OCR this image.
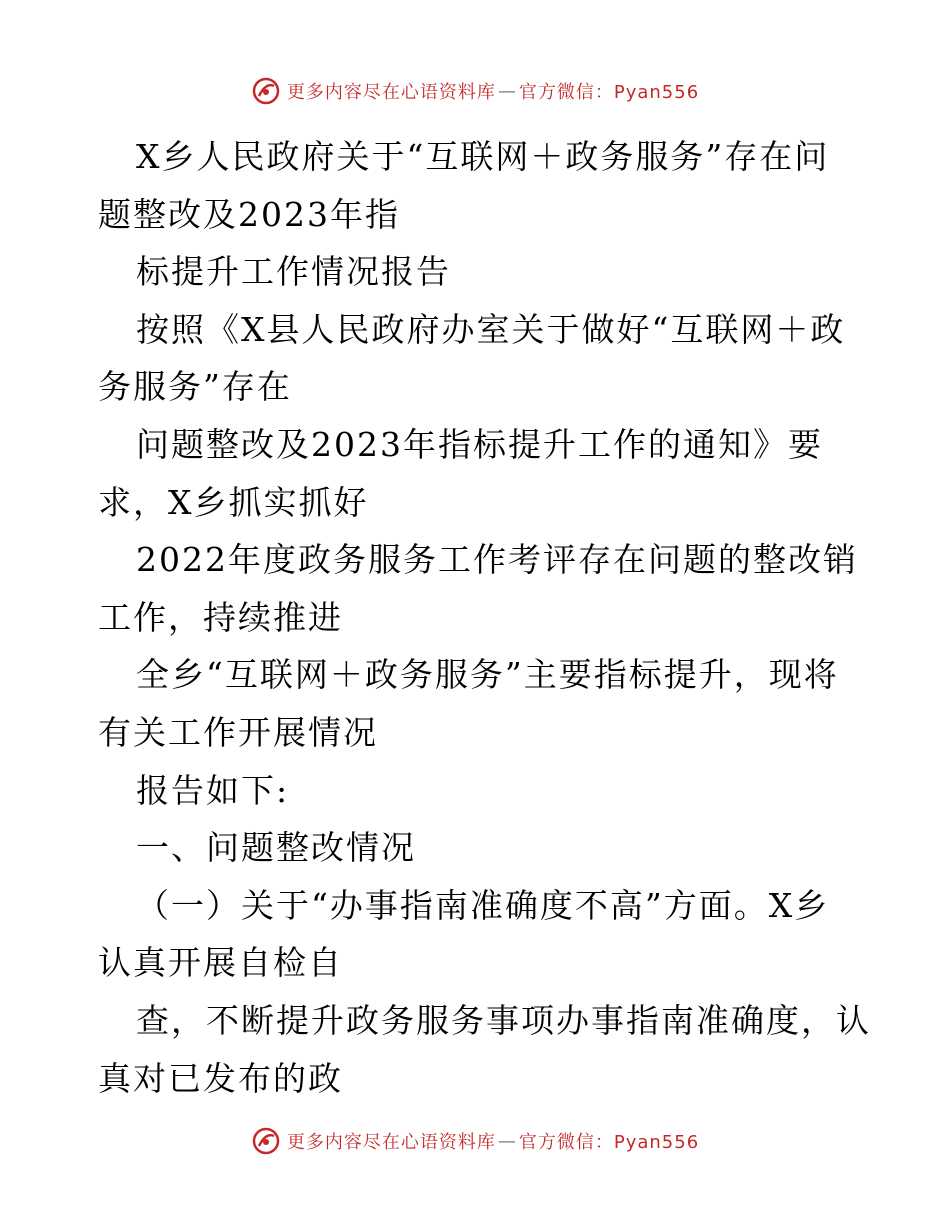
更多内容尽在心语资料库 — 官方微信：Pyan556
X乡人民政府关于“互联网＋政务服务”存在问
题整改及2023年指
标提升工作情况报告
按照《X县人民政府办室关于做好“互联网＋政
务服务”存在
问题整改及2023年指标提升工作的通知》要
求，X乡抓实抓好
2022年度政务服务工作考评存在问题的整改销
工作，持续推进
全乡“互联网＋政务服务”主要指标提升，现将
有关工作开展情况
报告如下:
一、问题整改情况
（一）关于“办事指南准确度不高”方面。X乡
认真开展自检自
查，不断提升政务服务事项办事指南准确度，认
真对已发布的政
更多内容尽在心语资料库 — 官方微信：Pyan556
